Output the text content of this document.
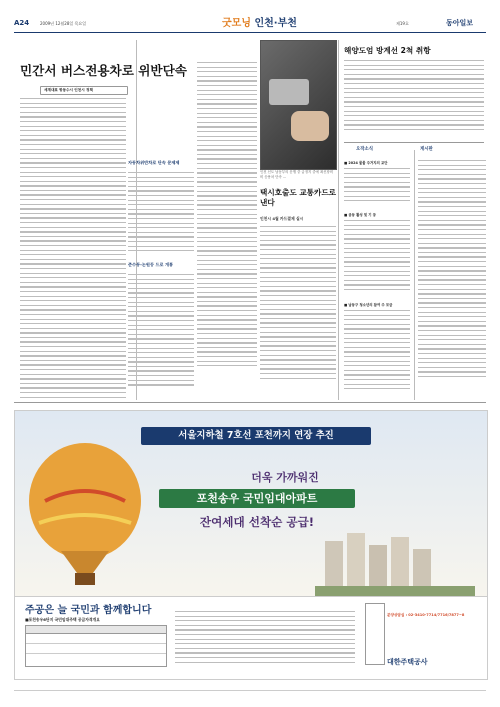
A24	2009년 12월28일 목요일	굿모닝 인천·부천	제19호	동아일보
민간서 버스전용차로 위반단속
세계대표 항동수시 인천시 정책
자동차위반차로 단속 문제제
준수동-논원등 드로 개통
인천 신도 남동부의 운행 중 급정지 중에 최신장비 비 승용차 단속 ...
택시호출도 교통카드로 낸다
인천시 4월 카드결제 실시
해양도엄 방계선 2척 취항
오작소식	게시판
■ 2024 물물 주거지의 교단
■ 공동 활성 및 기 등
■ 남동구 청소년의 참여 주 모금
서울지하철 7호선 포천까지 연장 추진
더욱 가까워진
포천송우 국민임대아파트
잔여세대 선착순 공급!
주공은 늘 국민과 함께합니다
■포천송우6단지 국민임대주택 공급자격개요
분양상담실 : 02-3410-7714/7716/7877~8
대한주택공사
